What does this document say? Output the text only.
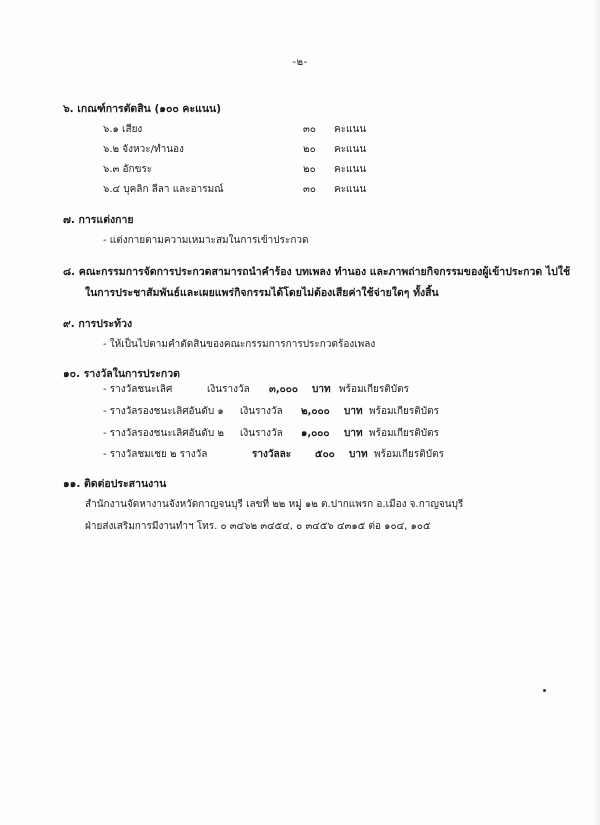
-๒-
๖. เกณฑ์การตัดสิน (๑๐๐ คะแนน)
๖.๑ เสียง	๓๐ คะแนน
๖.๒ จังหวะ/ทำนอง	๒๐ คะแนน
๖.๓ อักขระ	๒๐ คะแนน
๖.๔ บุคลิก ลีลา และอารมณ์	๓๐ คะแนน
๗. การแต่งกาย
- แต่งกายตามความเหมาะสมในการเข้าประกวด
๘. คณะกรรมการจัดการประกวดสามารถนำคำร้อง บทเพลง ทำนอง และภาพถ่ายกิจกรรมของผู้เข้าประกวด ไปใช้
ในการประชาสัมพันธ์และเผยแพร่กิจกรรมได้โดยไม่ต้องเสียค่าใช้จ่ายใดๆ ทั้งสิ้น
๙. การประท้วง
- ให้เป็นไปตามคำตัดสินของคณะกรรมการการประกวดร้องเพลง
๑๐. รางวัลในการประกวด
- รางวัลชนะเลิศ	เงินรางวัล ๓,๐๐๐ บาท พร้อมเกียรติบัตร
- รางวัลรองชนะเลิศอันดับ ๑ เงินรางวัล ๒,๐๐๐ บาท พร้อมเกียรติบัตร
- รางวัลรองชนะเลิศอันดับ ๒ เงินรางวัล ๑,๐๐๐ บาท พร้อมเกียรติบัตร
- รางวัลชมเชย ๒ รางวัล	รางวัลละ ๕๐๐ บาท พร้อมเกียรติบัตร
๑๑. ติดต่อประสานงาน
สำนักงานจัดหางานจังหวัดกาญจนบุรี เลขที่ ๒๒ หมู่ ๑๒ ต.ปากแพรก อ.เมือง จ.กาญจนบุรี
ฝ่ายส่งเสริมการมีงานทำฯ โทร. ๐ ๓๔๖๒ ๓๔๕๔, ๐ ๓๔๕๖ ๔๓๑๕ ต่อ ๑๐๔, ๑๐๕
